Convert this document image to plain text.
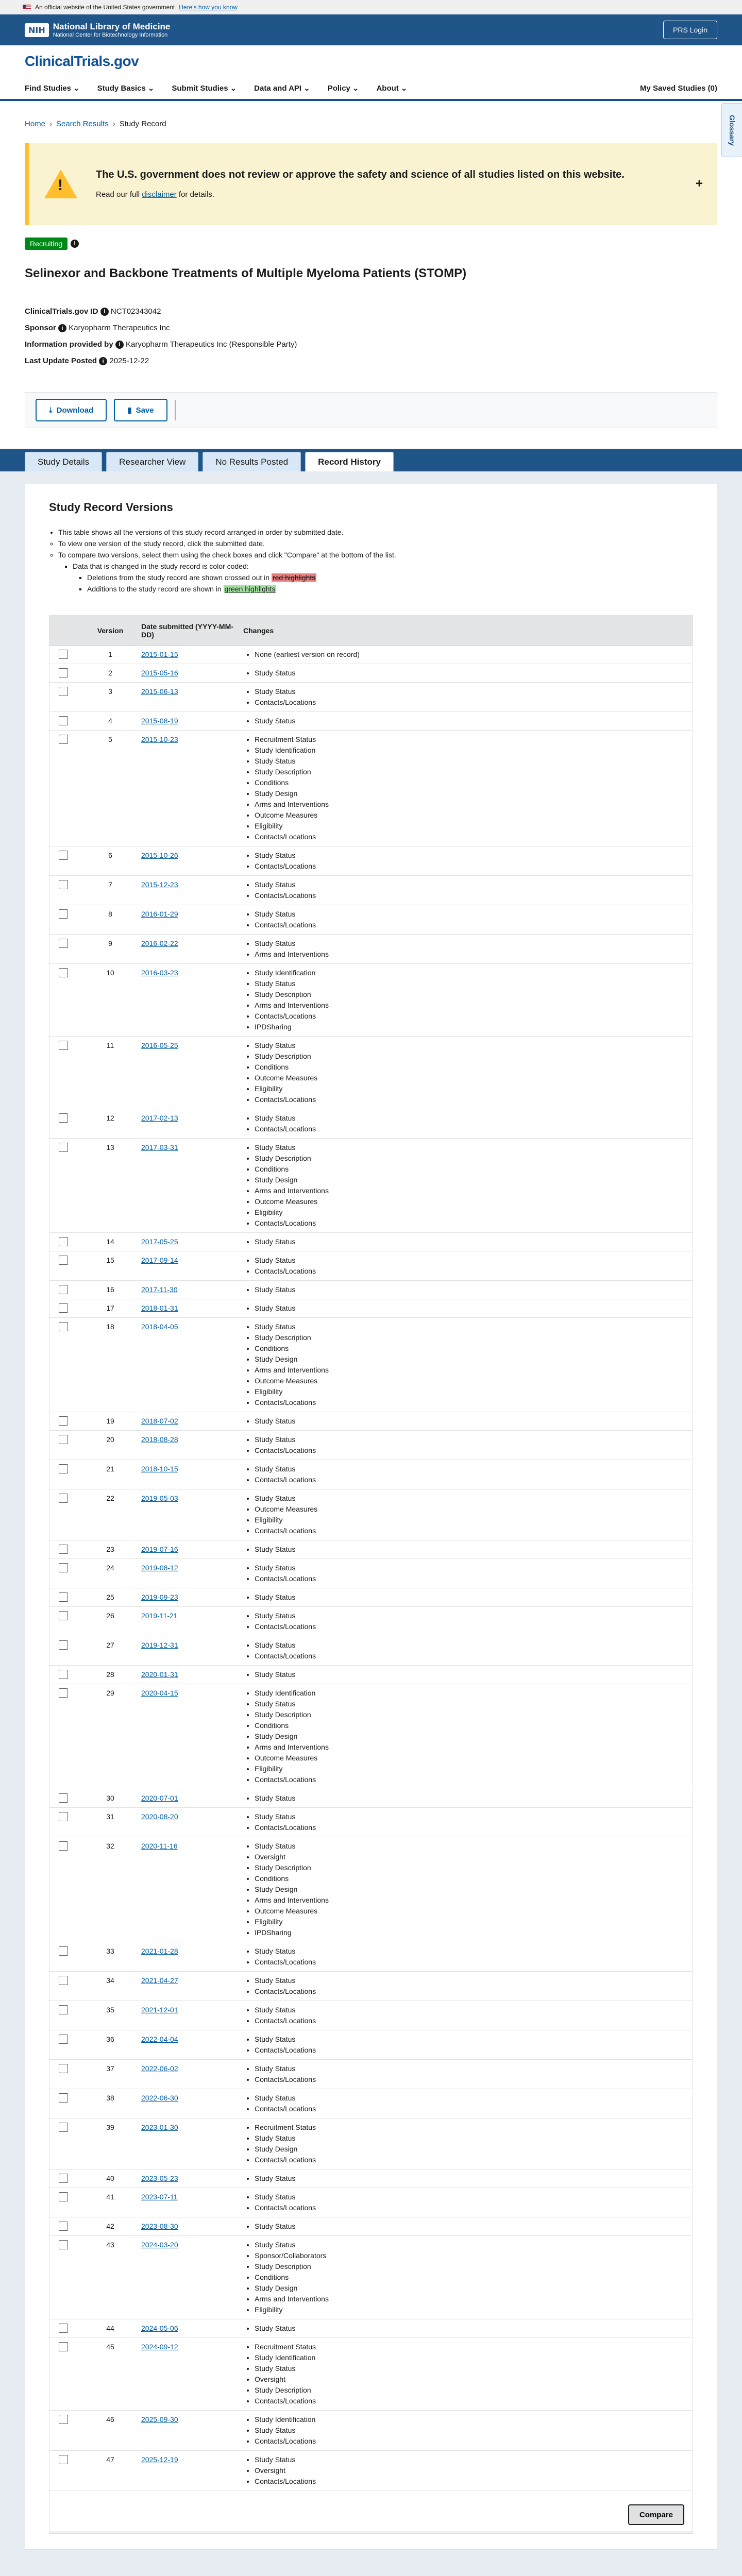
An official website of the United States government Here's how you know
NIH National Library of Medicine
National Center for Biotechnology Information
PRS Login
ClinicalTrials.gov
Find Studies ⌄ Study Basics ⌄ Submit Studies ⌄ Data and API ⌄ Policy ⌄ About ⌄	My Saved Studies (0)
Home › Search Results › Study Record	Glossary
!
The U.S. government does not review or approve the safety and science of all studies listed on this website.

Read our full disclaimer for details.

+
Recruiting	i
Selinexor and Backbone Treatments of Multiple Myeloma Patients (STOMP)
ClinicalTrials.gov ID i NCT02343042
Sponsor i Karyopharm Therapeutics Inc
Information provided by i Karyopharm Therapeutics Inc (Responsible Party)
Last Update Posted i 2025-12-22
⤓ Download	▮ Save
Study Details	Researcher View	No Results Posted	Record History
Study Record Versions
• This table shows all the versions of this study record arranged in order by submitted date.
◦ To view one version of the study record, click the submitted date.
◦ To compare two versions, select them using the check boxes and click "Compare" at the bottom of the list.
▪ Data that is changed in the study record is color coded:
▪ Deletions from the study record are shown crossed out in red highlights
▪ Additions to the study record are shown in green highlights
Version	Date submitted (YYYY-MM-DD)	Changes
1	2015-01-15	• None (earliest version on record)
2	2015-05-16	• Study Status
3	2015-06-13	• Study Status
• Contacts/Locations
4	2015-08-19	• Study Status
5	2015-10-23	• Recruitment Status
• Study Identification
• Study Status
• Study Description
• Conditions
• Study Design
• Arms and Interventions
• Outcome Measures
• Eligibility
• Contacts/Locations
6	2015-10-26	• Study Status
• Contacts/Locations
7	2015-12-23	• Study Status
• Contacts/Locations
8	2016-01-29	• Study Status
• Contacts/Locations
9	2016-02-22	• Study Status
• Arms and Interventions
10	2016-03-23	• Study Identification
• Study Status
• Study Description
• Arms and Interventions
• Contacts/Locations
• IPDSharing
11	2016-05-25	• Study Status
• Study Description
• Conditions
• Outcome Measures
• Eligibility
• Contacts/Locations
12	2017-02-13	• Study Status
• Contacts/Locations
13	2017-03-31	• Study Status
• Study Description
• Conditions
• Study Design
• Arms and Interventions
• Outcome Measures
• Eligibility
• Contacts/Locations
14	2017-05-25	• Study Status
15	2017-09-14	• Study Status
• Contacts/Locations
16	2017-11-30	• Study Status
17	2018-01-31	• Study Status
18	2018-04-05	• Study Status
• Study Description
• Conditions
• Study Design
• Arms and Interventions
• Outcome Measures
• Eligibility
• Contacts/Locations
19	2018-07-02	• Study Status
20	2018-08-28	• Study Status
• Contacts/Locations
21	2018-10-15	• Study Status
• Contacts/Locations
22	2019-05-03	• Study Status
• Outcome Measures
• Eligibility
• Contacts/Locations
23	2019-07-16	• Study Status
24	2019-08-12	• Study Status
• Contacts/Locations
25	2019-09-23	• Study Status
26	2019-11-21	• Study Status
• Contacts/Locations
27	2019-12-31	• Study Status
• Contacts/Locations
28	2020-01-31	• Study Status
29	2020-04-15	• Study Identification
• Study Status
• Study Description
• Conditions
• Study Design
• Arms and Interventions
• Outcome Measures
• Eligibility
• Contacts/Locations
30	2020-07-01	• Study Status
31	2020-08-20	• Study Status
• Contacts/Locations
32	2020-11-16	• Study Status
• Oversight
• Study Description
• Conditions
• Study Design
• Arms and Interventions
• Outcome Measures
• Eligibility
• IPDSharing
33	2021-01-28	• Study Status
• Contacts/Locations
34	2021-04-27	• Study Status
• Contacts/Locations
35	2021-12-01	• Study Status
• Contacts/Locations
36	2022-04-04	• Study Status
• Contacts/Locations
37	2022-06-02	• Study Status
• Contacts/Locations
38	2022-06-30	• Study Status
• Contacts/Locations
39	2023-01-30	• Recruitment Status
• Study Status
• Study Design
• Contacts/Locations
40	2023-05-23	• Study Status
41	2023-07-11	• Study Status
• Contacts/Locations
42	2023-08-30	• Study Status
43	2024-03-20	• Study Status
• Sponsor/Collaborators
• Study Description
• Conditions
• Study Design
• Arms and Interventions
• Eligibility
44	2024-05-06	• Study Status
45	2024-09-12	• Recruitment Status
• Study Identification
• Study Status
• Oversight
• Study Description
• Contacts/Locations
46	2025-09-30	• Study Identification
• Study Status
• Contacts/Locations
47	2025-12-19	• Study Status
• Oversight
• Contacts/Locations
Compare
